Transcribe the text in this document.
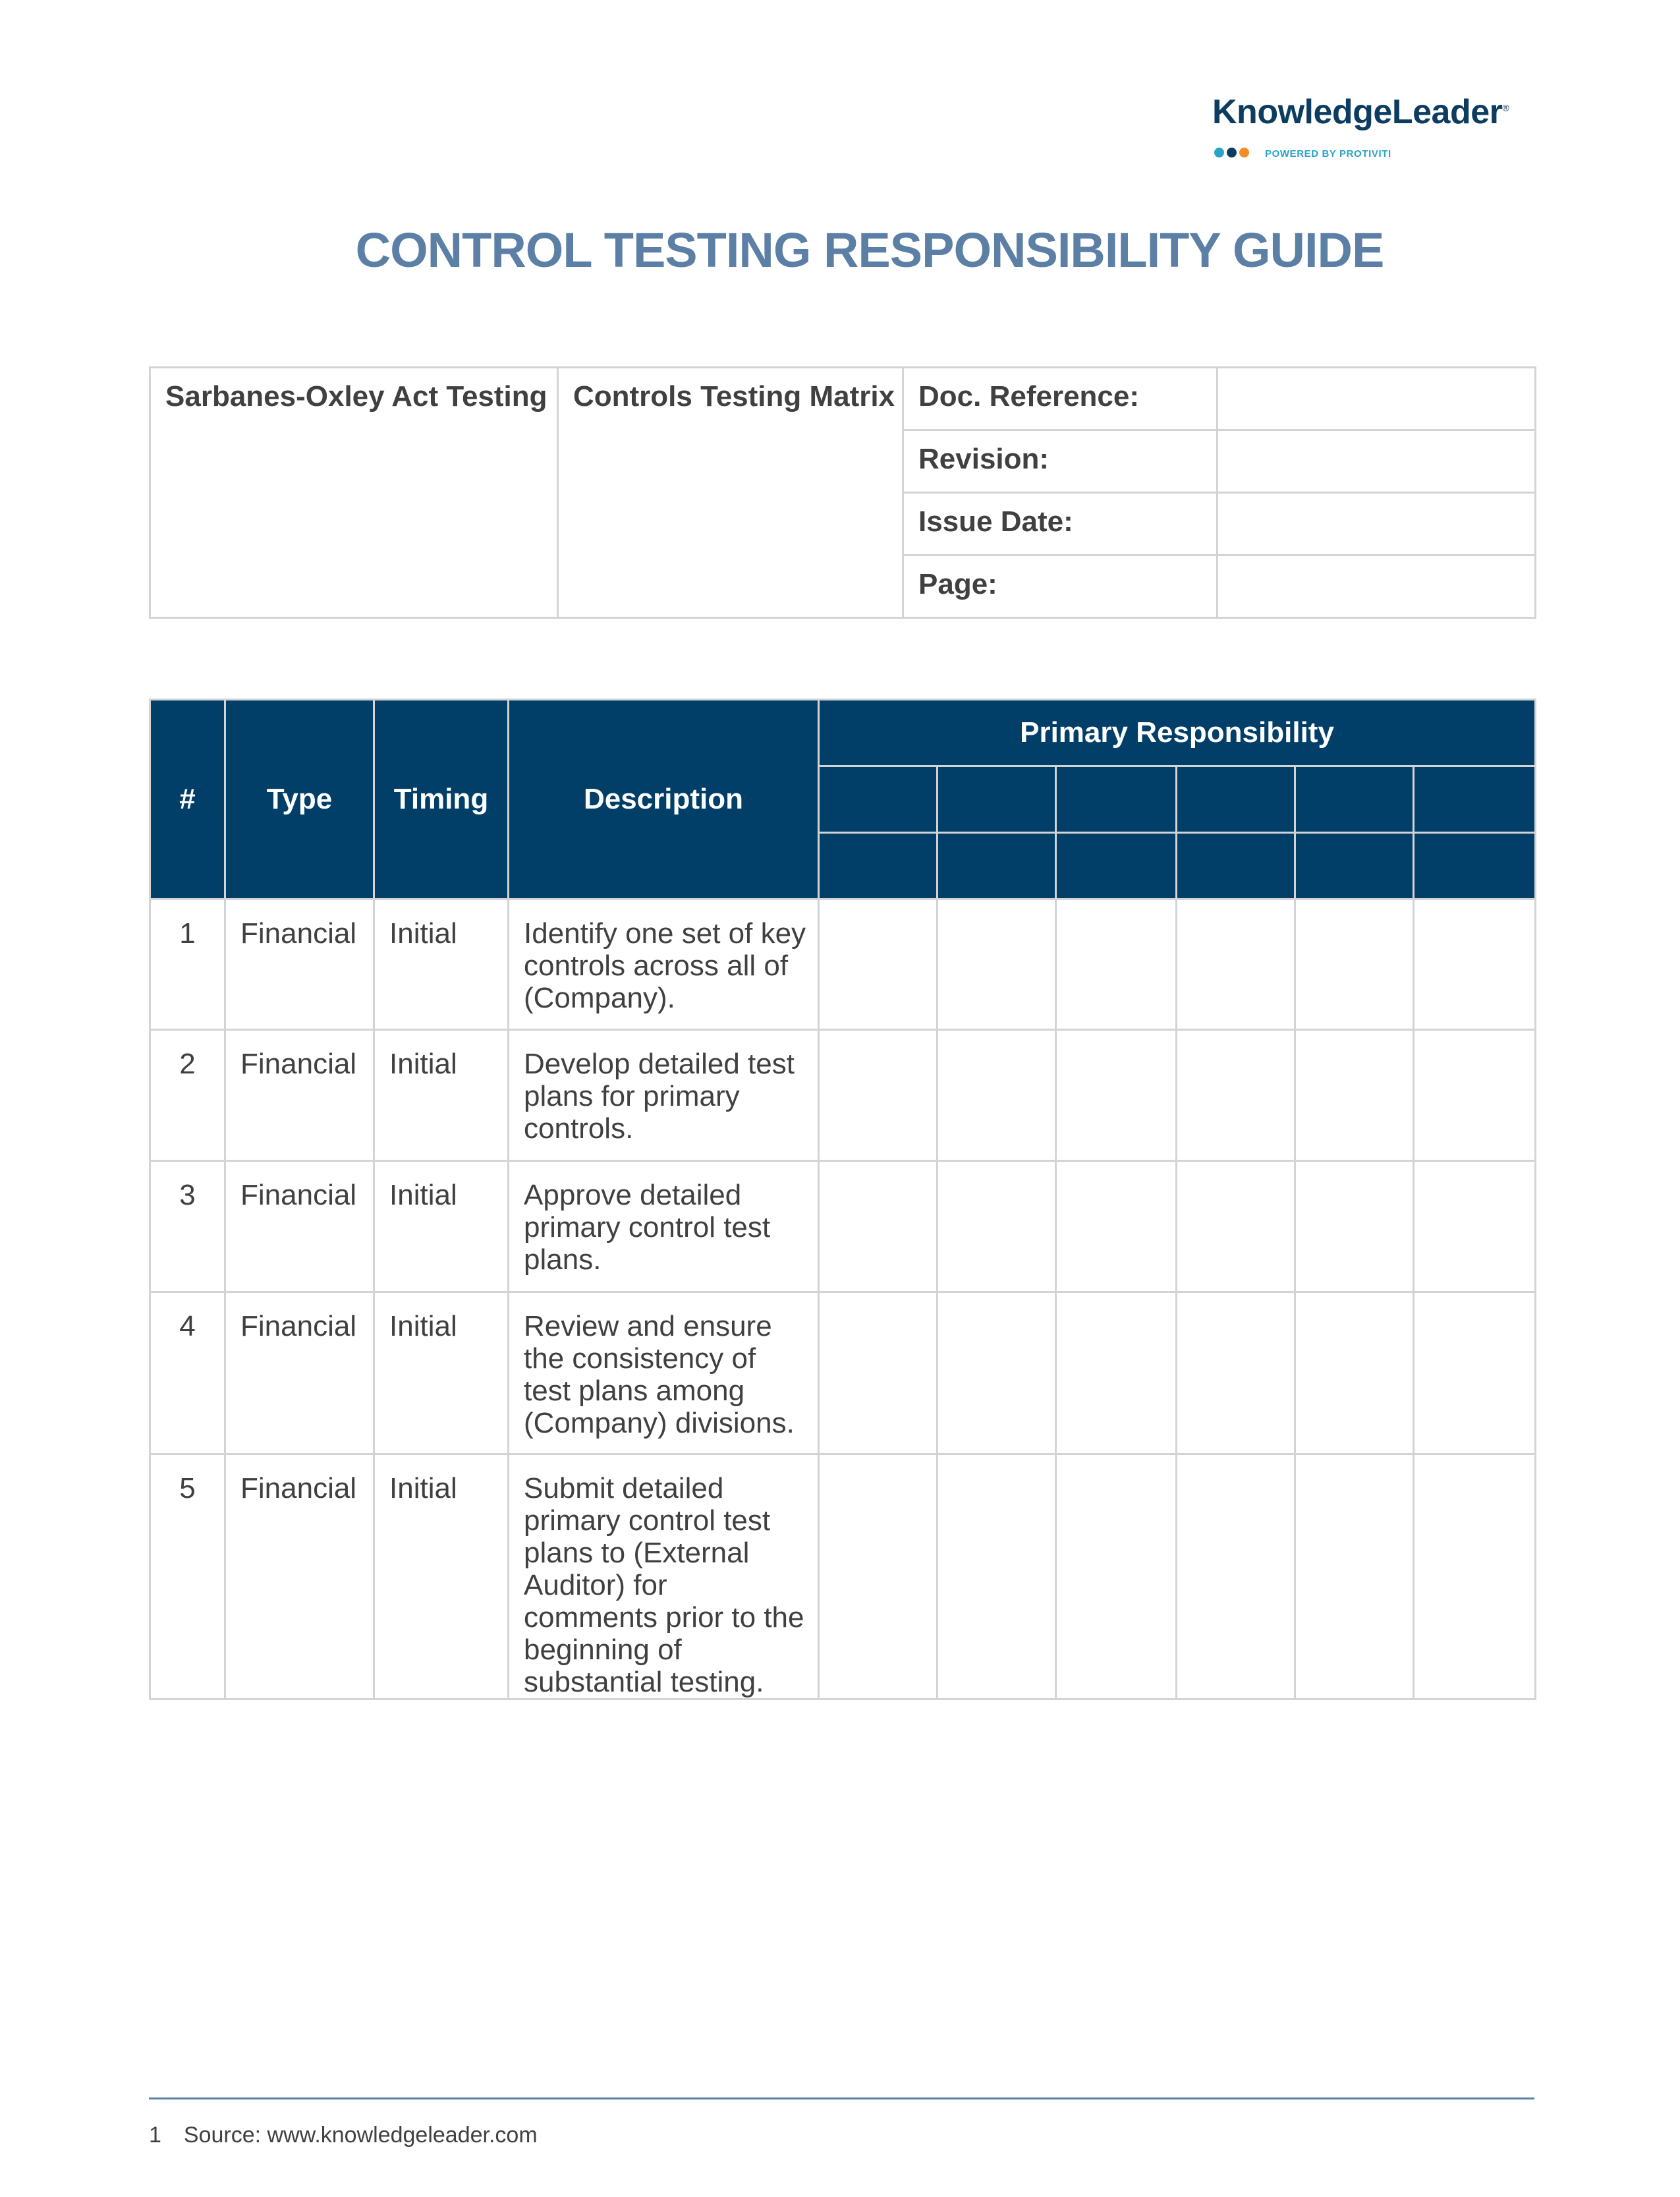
KnowledgeLeader®
POWERED BY PROTIVITI
CONTROL TESTING RESPONSIBILITY GUIDE
Sarbanes-Oxley Act Testing	Controls Testing Matrix	Doc. Reference:	
		Revision:	
		Issue Date:	
		Page:	
#	Type	Timing	Description	Primary Responsibility					

1	Financial	Initial	Identify one set of key controls across all of (Company).						
2	Financial	Initial	Develop detailed test plans for primary controls.						
3	Financial	Initial	Approve detailed primary control test plans.						
4	Financial	Initial	Review and ensure the consistency of test plans among (Company) divisions.						
5	Financial	Initial	Submit detailed primary control test plans to (External Auditor) for comments prior to the beginning of substantial testing.						
1 Source: www.knowledgeleader.com
